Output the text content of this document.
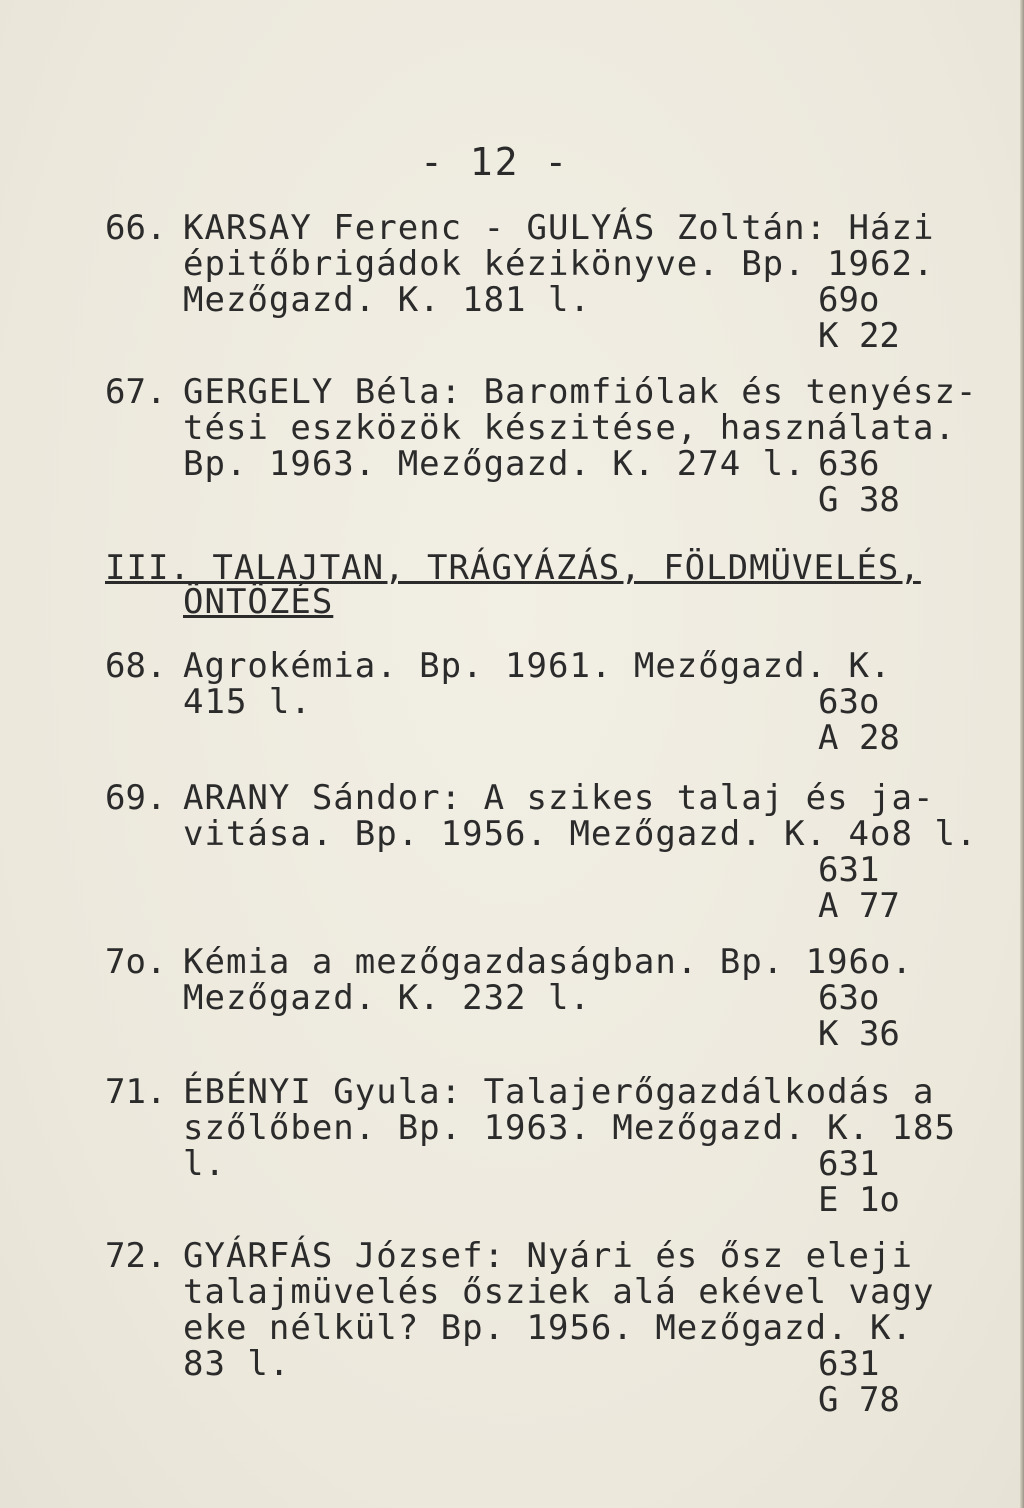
- 12 -
66. KARSAY Ferenc - GULYÁS Zoltán: Házi
épitőbrigádok kézikönyve. Bp. 1962.
Mezőgazd. K. 181 l.	69o
K 22
67. GERGELY Béla: Baromfiólak és tenyész-
tési eszközök készitése, használata.
Bp. 1963. Mezőgazd. K. 274 l. 636
G 38
III. TALAJTAN, TRÁGYÁZÁS, FÖLDMÜVELÉS,
ÖNTÖZÉS
68. Agrokémia. Bp. 1961. Mezőgazd. K.
415 l.	63o
A 28
69. ARANY Sándor: A szikes talaj és ja-
vitása. Bp. 1956. Mezőgazd. K. 4o8 l.
631
A 77
7o. Kémia a mezőgazdaságban. Bp. 196o.
Mezőgazd. K. 232 l.	63o
K 36
71. ÉBÉNYI Gyula: Talajerőgazdálkodás a
szőlőben. Bp. 1963. Mezőgazd. K. 185
l.	631
E 1o
72. GYÁRFÁS József: Nyári és ősz eleji
talajmüvelés ősziek alá ekével vagy
eke nélkül? Bp. 1956. Mezőgazd. K.
83 l.	631
G 78
